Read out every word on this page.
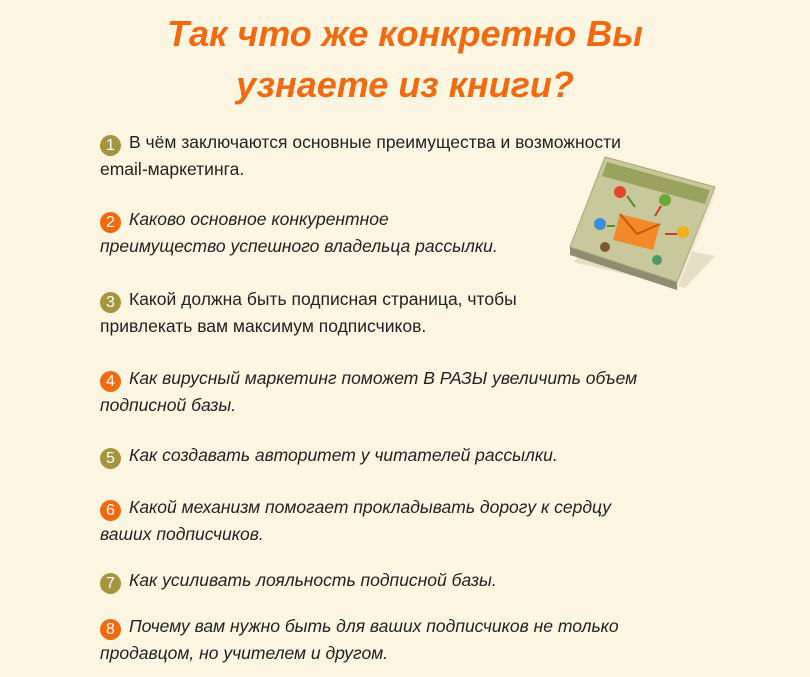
Так что же конкретно Вы
узнаете из книги?
1 В чём заключаются основные преимущества и возможности
email-маркетинга.
2 Каково основное конкурентное
преимущество успешного владельца рассылки.
3 Какой должна быть подписная страница, чтобы
привлекать вам максимум подписчиков.
4 Как вирусный маркетинг поможет В РАЗЫ увеличить объем
подписной базы.
5 Как создавать авторитет у читателей рассылки.
6 Какой механизм помогает прокладывать дорогу к сердцу
ваших подписчиков.
7 Как усиливать лояльность подписной базы.
8 Почему вам нужно быть для ваших подписчиков не только
продавцом, но учителем и другом.
